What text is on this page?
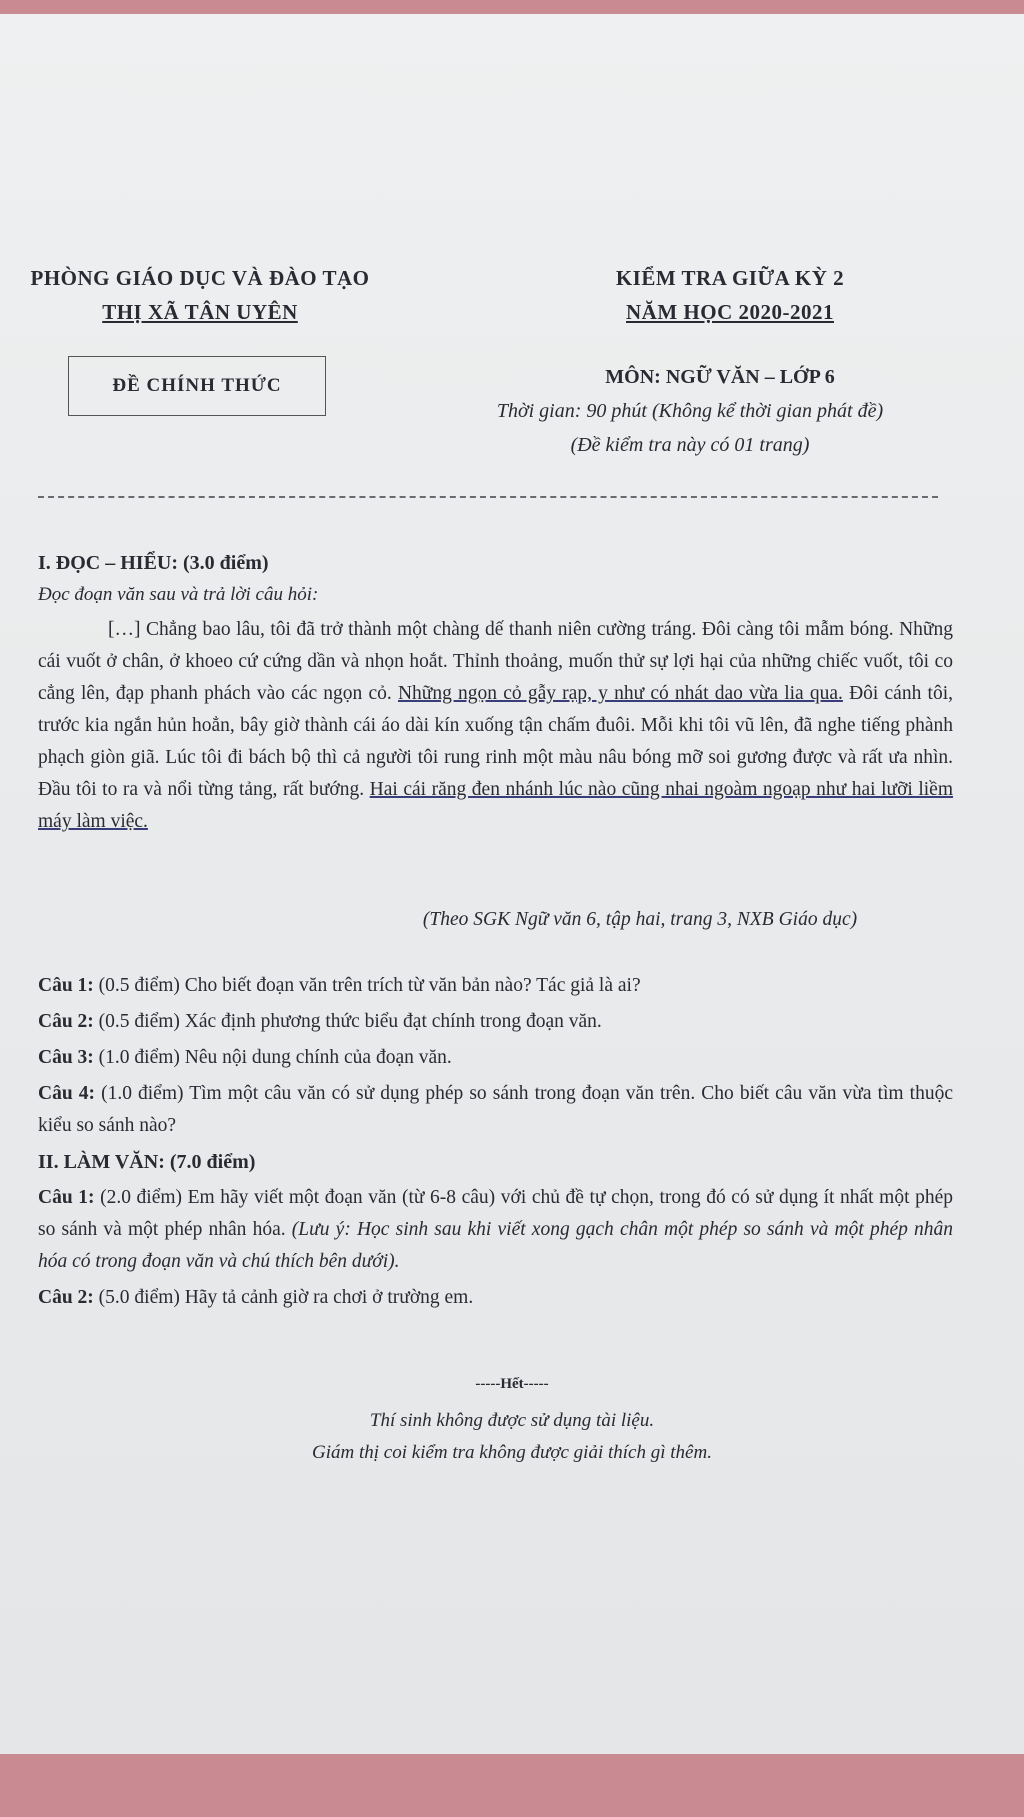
PHÒNG GIÁO DỤC VÀ ĐÀO TẠO
THỊ XÃ TÂN UYÊN
KIỂM TRA GIỮA KỲ 2
NĂM HỌC 2020-2021
ĐỀ CHÍNH THỨC	MÔN: NGỮ VĂN – LỚP 6
Thời gian: 90 phút (Không kể thời gian phát đề)
(Đề kiểm tra này có 01 trang)
I. ĐỌC – HIỂU: (3.0 điểm)
Đọc đoạn văn sau và trả lời câu hỏi:
[…] Chẳng bao lâu, tôi đã trở thành một chàng dế thanh niên cường tráng. Đôi càng tôi mẫm bóng. Những cái vuốt ở chân, ở khoeo cứ cứng dần và nhọn hoắt. Thỉnh thoảng, muốn thử sự lợi hại của những chiếc vuốt, tôi co cẳng lên, đạp phanh phách vào các ngọn cỏ. Những ngọn cỏ gẫy rạp, y như có nhát dao vừa lia qua. Đôi cánh tôi, trước kia ngắn hủn hoẳn, bây giờ thành cái áo dài kín xuống tận chấm đuôi. Mỗi khi tôi vũ lên, đã nghe tiếng phành phạch giòn giã. Lúc tôi đi bách bộ thì cả người tôi rung rinh một màu nâu bóng mỡ soi gương được và rất ưa nhìn. Đầu tôi to ra và nổi từng tảng, rất bướng. Hai cái răng đen nhánh lúc nào cũng nhai ngoàm ngoạp như hai lưỡi liềm máy làm việc.
(Theo SGK Ngữ văn 6, tập hai, trang 3, NXB Giáo dục)

Câu 1: (0.5 điểm) Cho biết đoạn văn trên trích từ văn bản nào? Tác giả là ai?

Câu 2: (0.5 điểm) Xác định phương thức biểu đạt chính trong đoạn văn.

Câu 3: (1.0 điểm) Nêu nội dung chính của đoạn văn.

Câu 4: (1.0 điểm) Tìm một câu văn có sử dụng phép so sánh trong đoạn văn trên. Cho biết câu văn vừa tìm thuộc kiểu so sánh nào?

II. LÀM VĂN: (7.0 điểm)

Câu 1: (2.0 điểm) Em hãy viết một đoạn văn (từ 6-8 câu) với chủ đề tự chọn, trong đó có sử dụng ít nhất một phép so sánh và một phép nhân hóa. (Lưu ý: Học sinh sau khi viết xong gạch chân một phép so sánh và một phép nhân hóa có trong đoạn văn và chú thích bên dưới).

Câu 2: (5.0 điểm) Hãy tả cảnh giờ ra chơi ở trường em.

-----Hết-----
Thí sinh không được sử dụng tài liệu.
Giám thị coi kiểm tra không được giải thích gì thêm.
